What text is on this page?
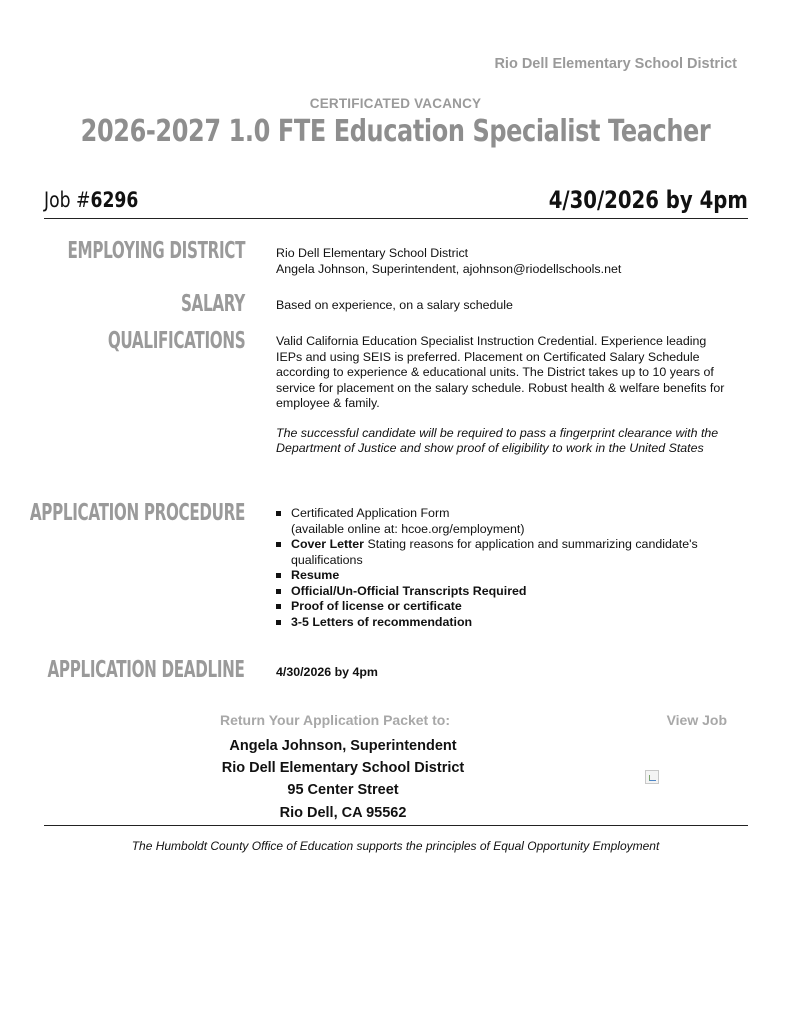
Rio Dell Elementary School District
CERTIFICATED VACANCY
2026-2027 1.0 FTE Education Specialist Teacher
Job #6296	4/30/2026 by 4pm
EMPLOYING DISTRICT	Rio Dell Elementary School District
Angela Johnson, Superintendent, ajohnson@riodellschools.net
SALARY	Based on experience, on a salary schedule
QUALIFICATIONS	Valid California Education Specialist Instruction Credential. Experience leading IEPs and using SEIS is preferred. Placement on Certificated Salary Schedule according to experience & educational units. The District takes up to 10 years of service for placement on the salary schedule. Robust health & welfare benefits for employee & family.
The successful candidate will be required to pass a fingerprint clearance with the Department of Justice and show proof of eligibility to work in the United States
APPLICATION PROCEDURE	Certificated Application Form
(available online at: hcoe.org/employment)
Cover Letter Stating reasons for application and summarizing candidate's qualifications
Resume
Official/Un-Official Transcripts Required
Proof of license or certificate
3-5 Letters of recommendation
APPLICATION DEADLINE	4/30/2026 by 4pm
Return Your Application Packet to:	View Job
Angela Johnson, Superintendent
Rio Dell Elementary School District
95 Center Street
Rio Dell, CA 95562
The Humboldt County Office of Education supports the principles of Equal Opportunity Employment
